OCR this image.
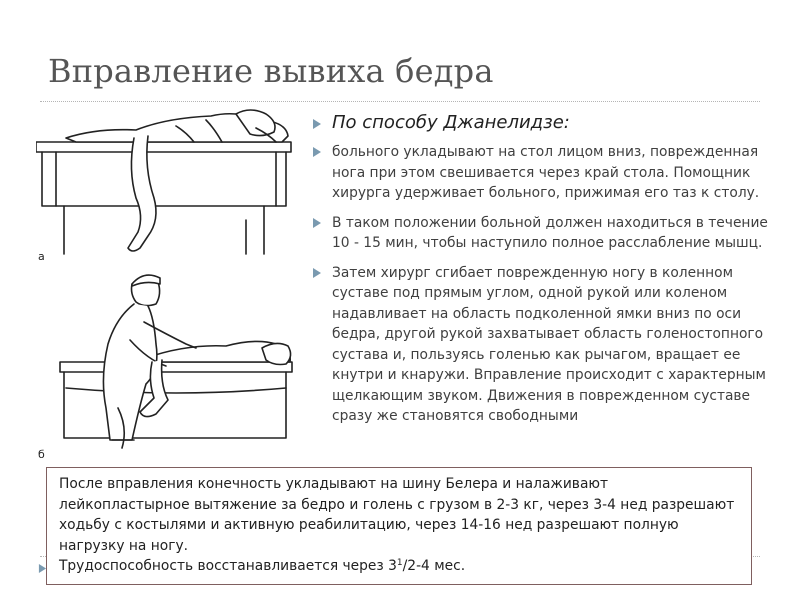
Вправление вывиха бедра
а
б
По способу Джанелидзе:
больного укладывают на стол лицом вниз, поврежденная нога при этом свешивается через край стола. Помощник хирурга удерживает больного, прижимая его таз к столу.
В таком положении больной должен находиться в течение 10 - 15 мин, чтобы наступило полное расслабление мышц.
Затем хирург сгибает поврежденную ногу в коленном суставе под прямым углом, одной рукой или коленом надавливает на область подколенной ямки вниз по оси бедра, другой рукой захватывает область голеностопного сустава и, пользуясь голенью как рычагом, вращает ее кнутри и кнаружи. Вправление происходит с характерным щелкающим звуком. Движения в поврежденном суставе сразу же становятся свободными
После вправления конечность укладывают на шину Белера и налаживают лейкопластырное вытяжение за бедро и голень с грузом в 2-3 кг, через 3-4 нед разрешают ходьбу с костылями и активную реабилитацию, через 14-16 нед разрешают полную нагрузку на ногу.
Трудоспособность восстанавливается через $3^1/2-4$ мес.
